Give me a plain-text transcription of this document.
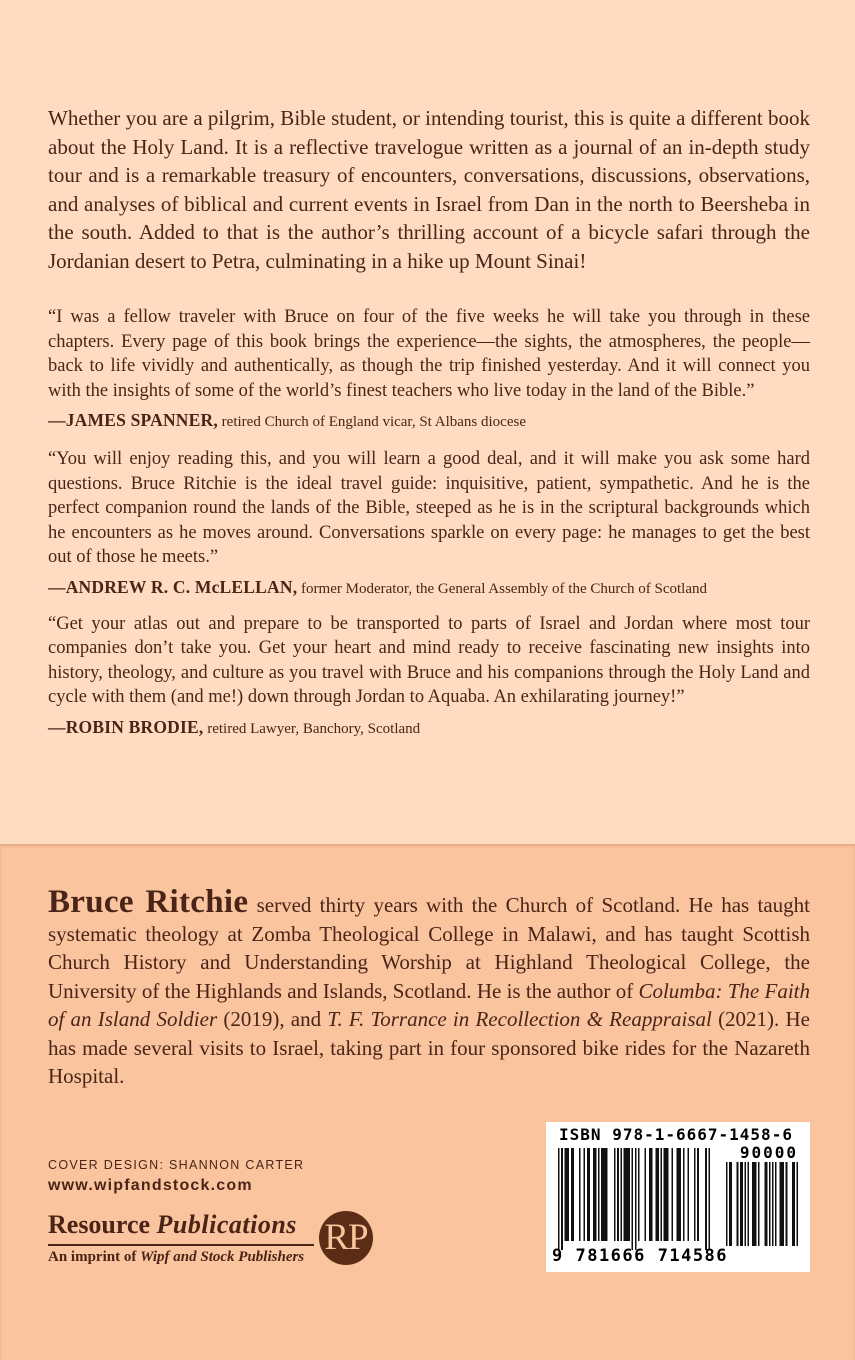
Whether you are a pilgrim, Bible student, or intending tourist, this is quite a different book about the Holy Land. It is a reflective travelogue written as a journal of an in-depth study tour and is a remarkable treasury of encounters, conversations, discussions, observations, and analyses of biblical and current events in Israel from Dan in the north to Beersheba in the south. Added to that is the author’s thrilling account of a bicycle safari through the Jordanian desert to Petra, culminating in a hike up Mount Sinai!

“I was a fellow traveler with Bruce on four of the five weeks he will take you through in these chapters. Every page of this book brings the experience—the sights, the atmospheres, the people—back to life vividly and authentically, as though the trip finished yesterday. And it will connect you with the insights of some of the world’s finest teachers who live today in the land of the Bible.”

—JAMES SPANNER, retired Church of England vicar, St Albans diocese

“You will enjoy reading this, and you will learn a good deal, and it will make you ask some hard questions. Bruce Ritchie is the ideal travel guide: inquisitive, patient, sympathetic. And he is the perfect companion round the lands of the Bible, steeped as he is in the scriptural backgrounds which he encounters as he moves around. Conversations sparkle on every page: he manages to get the best out of those he meets.”

—ANDREW R. C. McLELLAN, former Moderator, the General Assembly of the Church of Scotland

“Get your atlas out and prepare to be transported to parts of Israel and Jordan where most tour companies don’t take you. Get your heart and mind ready to receive fascinating new insights into history, theology, and culture as you travel with Bruce and his companions through the Holy Land and cycle with them (and me!) down through Jordan to Aquaba. An exhilarating journey!”

—ROBIN BRODIE, retired Lawyer, Banchory, Scotland

Bruce Ritchie served thirty years with the Church of Scotland. He has taught systematic theology at Zomba Theological College in Malawi, and has taught Scottish Church History and Understanding Worship at Highland Theological College, the University of the Highlands and Islands, Scotland. He is the author of Columba: The Faith of an Island Soldier (2019), and T. F. Torrance in Recollection & Reappraisal (2021). He has made several visits to Israel, taking part in four sponsored bike rides for the Nazareth Hospital.

COVER DESIGN: SHANNON CARTER
www.wipfandstock.com
Resource Publications
An imprint of Wipf and Stock Publishers RP
ISBN 978-1-6667-1458-6
9 781666 714586
90000
